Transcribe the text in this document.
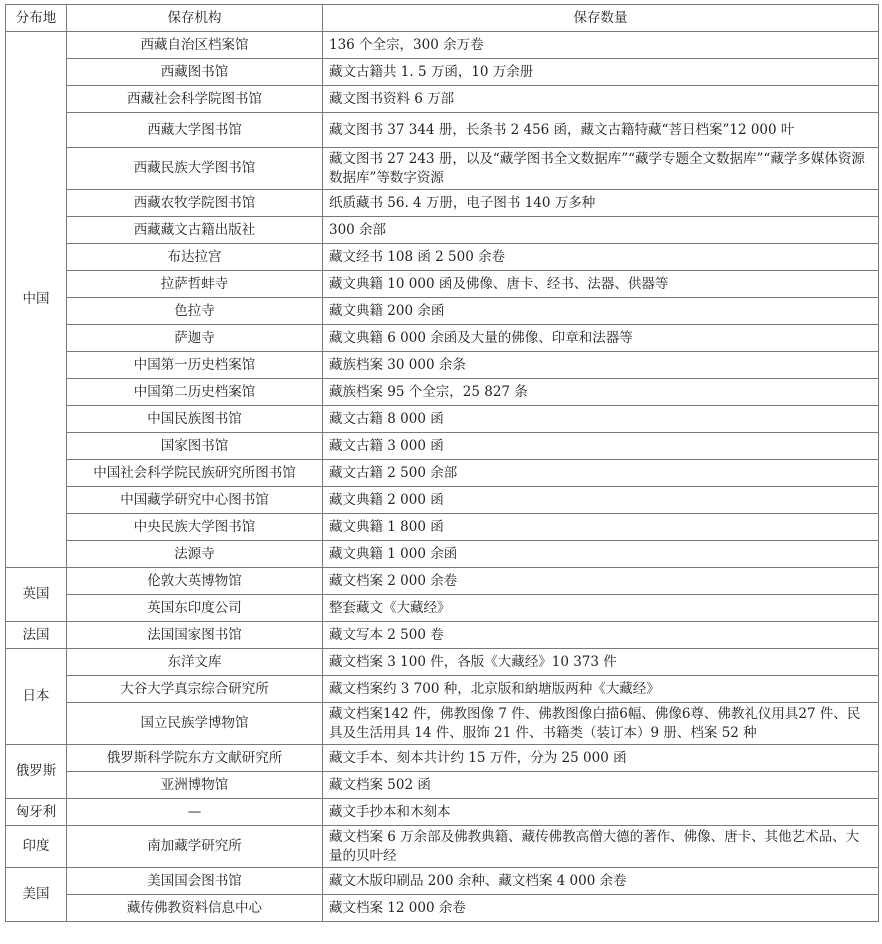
分布地	保存机构	保存数量
中国	西藏自治区档案馆	136 个全宗，300 余万卷
	西藏图书馆	藏文古籍共 1. 5 万函，10 万余册
	西藏社会科学院图书馆	藏文图书资料 6 万部
	西藏大学图书馆	藏文图书 37 344 册，长条书 2 456 函，藏文古籍特藏“菩日档案”12 000 叶
	西藏民族大学图书馆	藏文图书 27 243 册，以及“藏学图书全文数据库”“藏学专题全文数据库”“藏学多媒体资源数据库”等数字资源
	西藏农牧学院图书馆	纸质藏书 56. 4 万册，电子图书 140 万多种
	西藏藏文古籍出版社	300 余部
	布达拉宫	藏文经书 108 函 2 500 余卷
	拉萨哲蚌寺	藏文典籍 10 000 函及佛像、唐卡、经书、法器、供器等
	色拉寺	藏文典籍 200 余函
	萨迦寺	藏文典籍 6 000 余函及大量的佛像、印章和法器等
	中国第一历史档案馆	藏族档案 30 000 余条
	中国第二历史档案馆	藏族档案 95 个全宗，25 827 条
	中国民族图书馆	藏文古籍 8 000 函
	国家图书馆	藏文古籍 3 000 函
	中国社会科学院民族研究所图书馆	藏文古籍 2 500 余部
	中国藏学研究中心图书馆	藏文典籍 2 000 函
	中央民族大学图书馆	藏文典籍 1 800 函
	法源寺	藏文典籍 1 000 余函
英国	伦敦大英博物馆	藏文档案 2 000 余卷
	英国东印度公司	整套藏文《大藏经》
法国	法国国家图书馆	藏文写本 2 500 卷
日本	东洋文库	藏文档案 3 100 件，各版《大藏经》10 373 件
	大谷大学真宗综合研究所	藏文档案约 3 700 种，北京版和納塘版两种《大藏经》
	国立民族学博物馆	藏文档案142 件，佛教图像 7 件、佛教图像白描6幅、佛像6尊、佛教礼仪用具27 件、民具及生活用具 14 件、服饰 21 件、书籍类（装订本）9 册、档案 52 种
俄罗斯	俄罗斯科学院东方文献研究所	藏文手本、刻本共计约 15 万件，分为 25 000 函
	亚洲博物馆	藏文档案 502 函
匈牙利	—	藏文手抄本和木刻本
印度	南加藏学研究所	藏文档案 6 万余部及佛教典籍、藏传佛教高僧大德的著作、佛像、唐卡、其他艺术品、大量的贝叶经
美国	美国国会图书馆	藏文木版印刷品 200 余种、藏文档案 4 000 余卷
	藏传佛教资料信息中心	藏文档案 12 000 余卷
